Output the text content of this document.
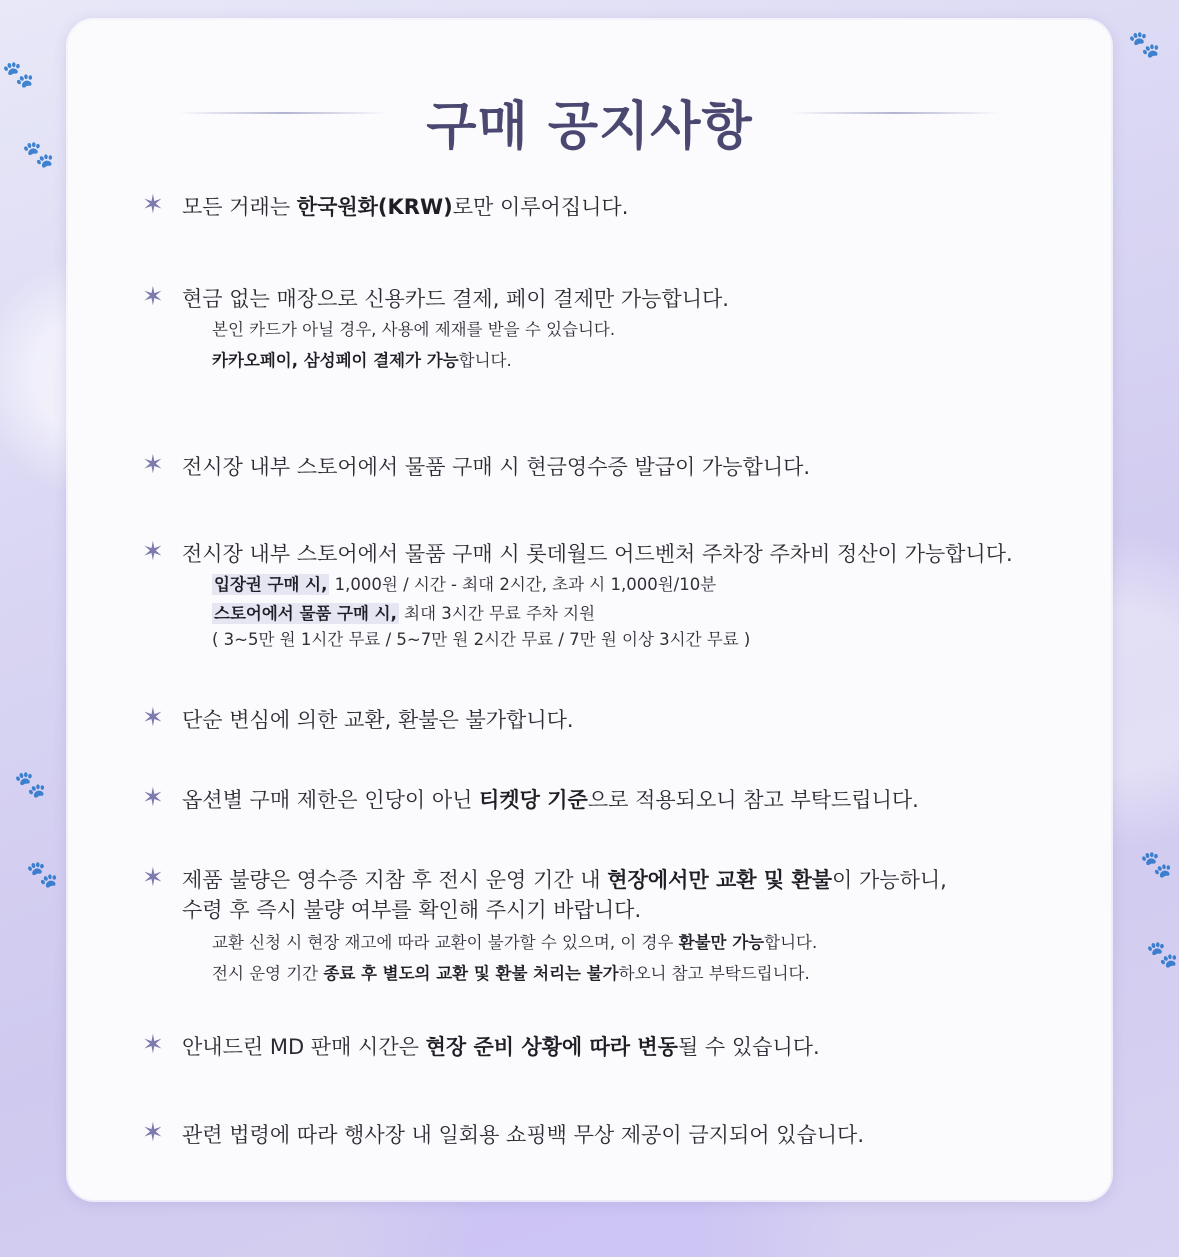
🐾
🐾
🐾
🐾
🐾
🐾
🐾
구매 공지사항
✶ 모든 거래는 한국원화(KRW)로만 이루어집니다.
✶ 현금 없는 매장으로 신용카드 결제, 페이 결제만 가능합니다.
본인 카드가 아닐 경우, 사용에 제재를 받을 수 있습니다.
카카오페이, 삼성페이 결제가 가능합니다.
✶ 전시장 내부 스토어에서 물품 구매 시 현금영수증 발급이 가능합니다.
✶ 전시장 내부 스토어에서 물품 구매 시 롯데월드 어드벤처 주차장 주차비 정산이 가능합니다.
입장권 구매 시, 1,000원 / 시간 - 최대 2시간, 초과 시 1,000원/10분
스토어에서 물품 구매 시, 최대 3시간 무료 주차 지원
( 3~5만 원 1시간 무료 / 5~7만 원 2시간 무료 / 7만 원 이상 3시간 무료 )
✶ 단순 변심에 의한 교환, 환불은 불가합니다.
✶ 옵션별 구매 제한은 인당이 아닌 티켓당 기준으로 적용되오니 참고 부탁드립니다.
✶ 제품 불량은 영수증 지참 후 전시 운영 기간 내 현장에서만 교환 및 환불이 가능하니,
수령 후 즉시 불량 여부를 확인해 주시기 바랍니다.
교환 신청 시 현장 재고에 따라 교환이 불가할 수 있으며, 이 경우 환불만 가능합니다.
전시 운영 기간 종료 후 별도의 교환 및 환불 처리는 불가하오니 참고 부탁드립니다.
✶ 안내드린 MD 판매 시간은 현장 준비 상황에 따라 변동될 수 있습니다.
✶ 관련 법령에 따라 행사장 내 일회용 쇼핑백 무상 제공이 금지되어 있습니다.
